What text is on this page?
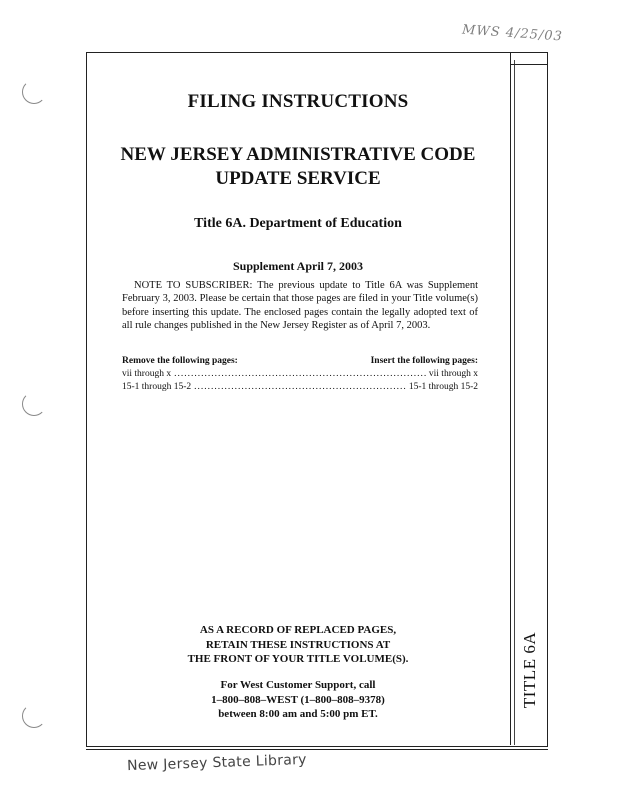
MWS 4/25/03
TITLE 6A
FILING INSTRUCTIONS
NEW JERSEY ADMINISTRATIVE CODE
UPDATE SERVICE
Title 6A. Department of Education
Supplement April 7, 2003
NOTE TO SUBSCRIBER: The previous update to Title 6A was Supplement February 3, 2003. Please be certain that those pages are filed in your Title volume(s) before inserting this update. The enclosed pages contain the legally adopted text of all rule changes published in the New Jersey Register as of April 7, 2003.
Remove the following pages:	Insert the following pages:
vii through x .....	vii through x
15-1 through 15-2 .....	15-1 through 15-2
AS A RECORD OF REPLACED PAGES,
RETAIN THESE INSTRUCTIONS AT
THE FRONT OF YOUR TITLE VOLUME(S).
For West Customer Support, call
1–800–808–WEST (1–800–808–9378)
between 8:00 am and 5:00 pm ET.
New Jersey State Library
